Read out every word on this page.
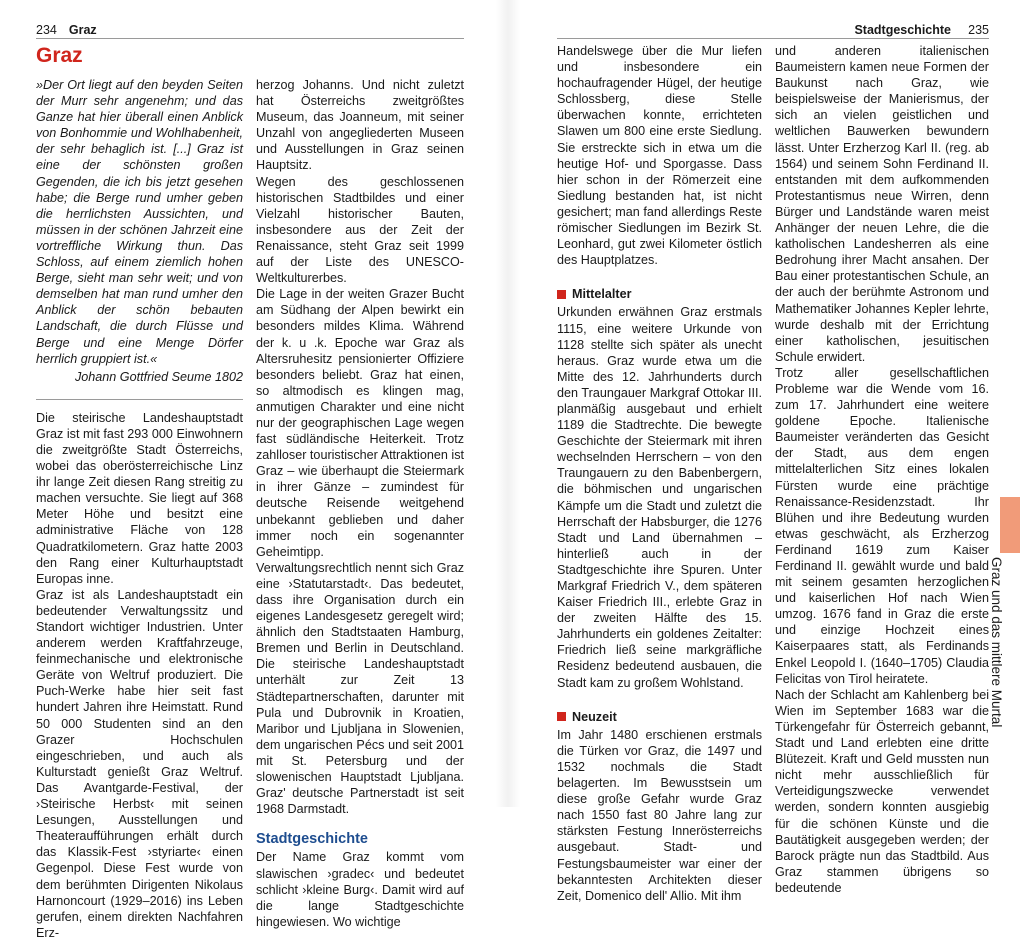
234 Graz
Graz

»Der Ort liegt auf den beyden Seiten der Murr sehr angenehm; und das Ganze hat hier überall einen Anblick von Bonhommie und Wohlhabenheit, der sehr behaglich ist. [...] Graz ist eine der schönsten großen Gegenden, die ich bis jetzt gesehen habe; die Berge rund umher geben die herrlichsten Aussichten, und müssen in der schönen Jahrzeit eine vortreffliche Wirkung thun. Das Schloss, auf einem ziemlich hohen Berge, sieht man sehr weit; und von demselben hat man rund umher den Anblick der schön bebauten Landschaft, die durch Flüsse und Berge und eine Menge Dörfer herrlich gruppiert ist.«

Johann Gottfried Seume 1802

Die steirische Landeshauptstadt Graz ist mit fast 293 000 Einwohnern die zweitgrößte Stadt Österreichs, wobei das oberösterreichische Linz ihr lange Zeit diesen Rang streitig zu machen versuchte. Sie liegt auf 368 Meter Höhe und besitzt eine administrative Fläche von 128 Quadratkilometern. Graz hatte 2003 den Rang einer Kulturhauptstadt Europas inne.

Graz ist als Landeshauptstadt ein bedeutender Verwaltungssitz und Standort wichtiger Industrien. Unter anderem werden Kraftfahrzeuge, feinmechanische und elektronische Geräte von Weltruf produziert. Die Puch-Werke habe hier seit fast hundert Jahren ihre Heimstatt. Rund 50 000 Studenten sind an den Grazer Hochschulen eingeschrieben, und auch als Kulturstadt genießt Graz Weltruf. Das Avantgarde-Festival, der ›Steirische Herbst‹ mit seinen Lesungen, Ausstellungen und Theateraufführungen erhält durch das Klassik-Fest ›styriarte‹ einen Gegenpol. Diese Fest wurde von dem berühmten Dirigenten Nikolaus Harnoncourt (1929–2016) ins Leben gerufen, einem direkten Nachfahren Erz-

herzog Johanns. Und nicht zuletzt hat Österreichs zweitgrößtes Museum, das Joanneum, mit seiner Unzahl von angegliederten Museen und Ausstellungen in Graz seinen Hauptsitz.

Wegen des geschlossenen historischen Stadtbildes und einer Vielzahl historischer Bauten, insbesondere aus der Zeit der Renaissance, steht Graz seit 1999 auf der Liste des UNESCO-Weltkulturerbes.

Die Lage in der weiten Grazer Bucht am Südhang der Alpen bewirkt ein besonders mildes Klima. Während der k. u .k. Epoche war Graz als Altersruhesitz pensionierter Offiziere besonders beliebt. Graz hat einen, so altmodisch es klingen mag, anmutigen Charakter und eine nicht nur der geographischen Lage wegen fast südländische Heiterkeit. Trotz zahlloser touristischer Attraktionen ist Graz – wie überhaupt die Steiermark in ihrer Gänze – zumindest für deutsche Reisende weitgehend unbekannt geblieben und daher immer noch ein sogenannter Geheimtipp.

Verwaltungsrechtlich nennt sich Graz eine ›Statutarstadt‹. Das bedeutet, dass ihre Organisation durch ein eigenes Landesgesetz geregelt wird; ähnlich den Stadtstaaten Hamburg, Bremen und Berlin in Deutschland. Die steirische Landeshauptstadt unterhält zur Zeit 13 Städtepartnerschaften, darunter mit Pula und Dubrovnik in Kroatien, Maribor und Ljubljana in Slowenien, dem ungarischen Pécs und seit 2001 mit St. Petersburg und der slowenischen Hauptstadt Ljubljana. Graz' deutsche Partnerstadt ist seit 1968 Darmstadt.

Stadtgeschichte

Der Name Graz kommt vom slawischen ›gradec‹ und bedeutet schlicht ›kleine Burg‹. Damit wird auf die lange Stadtgeschichte hingewiesen. Wo wichtige

Stadtgeschichte 235

Handelswege über die Mur liefen und insbesondere ein hochaufragender Hügel, der heutige Schlossberg, diese Stelle überwachen konnte, errichteten Slawen um 800 eine erste Siedlung. Sie erstreckte sich in etwa um die heutige Hof- und Sporgasse. Dass hier schon in der Römerzeit eine Siedlung bestanden hat, ist nicht gesichert; man fand allerdings Reste römischer Siedlungen im Bezirk St. Leonhard, gut zwei Kilometer östlich des Hauptplatzes.

Mittelalter

Urkunden erwähnen Graz erstmals 1115, eine weitere Urkunde von 1128 stellte sich später als unecht heraus. Graz wurde etwa um die Mitte des 12. Jahrhunderts durch den Traungauer Markgraf Ottokar III. planmäßig ausgebaut und erhielt 1189 die Stadtrechte. Die bewegte Geschichte der Steiermark mit ihren wechselnden Herrschern – von den Traungauern zu den Babenbergern, die böhmischen und ungarischen Kämpfe um die Stadt und zuletzt die Herrschaft der Habsburger, die 1276 Stadt und Land übernahmen – hinterließ auch in der Stadtgeschichte ihre Spuren. Unter Markgraf Friedrich V., dem späteren Kaiser Friedrich III., erlebte Graz in der zweiten Hälfte des 15. Jahrhunderts ein goldenes Zeitalter: Friedrich ließ seine markgräfliche Residenz bedeutend ausbauen, die Stadt kam zu großem Wohlstand.

Neuzeit

Im Jahr 1480 erschienen erstmals die Türken vor Graz, die 1497 und 1532 nochmals die Stadt belagerten. Im Bewusstsein um diese große Gefahr wurde Graz nach 1550 fast 80 Jahre lang zur stärksten Festung Innerösterreichs ausgebaut. Stadt- und Festungsbaumeister war einer der bekanntesten Architekten dieser Zeit, Domenico dell' Allio. Mit ihm

und anderen italienischen Baumeistern kamen neue Formen der Baukunst nach Graz, wie beispielsweise der Manierismus, der sich an vielen geistlichen und weltlichen Bauwerken bewundern lässt. Unter Erzherzog Karl II. (reg. ab 1564) und seinem Sohn Ferdinand II. entstanden mit dem aufkommenden Protestantismus neue Wirren, denn Bürger und Landstände waren meist Anhänger der neuen Lehre, die die katholischen Landesherren als eine Bedrohung ihrer Macht ansahen. Der Bau einer protestantischen Schule, an der auch der berühmte Astronom und Mathematiker Johannes Kepler lehrte, wurde deshalb mit der Errichtung einer katholischen, jesuitischen Schule erwidert.

Trotz aller gesellschaftlichen Probleme war die Wende vom 16. zum 17. Jahrhundert eine weitere goldene Epoche. Italienische Baumeister veränderten das Gesicht der Stadt, aus dem engen mittelalterlichen Sitz eines lokalen Fürsten wurde eine prächtige Renaissance-Residenzstadt. Ihr Blühen und ihre Bedeutung wurden etwas geschwächt, als Erzherzog Ferdinand 1619 zum Kaiser Ferdinand II. gewählt wurde und bald mit seinem gesamten herzoglichen und kaiserlichen Hof nach Wien umzog. 1676 fand in Graz die erste und einzige Hochzeit eines Kaiserpaares statt, als Ferdinands Enkel Leopold I. (1640–1705) Claudia Felicitas von Tirol heiratete.

Nach der Schlacht am Kahlenberg bei Wien im September 1683 war die Türkengefahr für Österreich gebannt, Stadt und Land erlebten eine dritte Blütezeit. Kraft und Geld mussten nun nicht mehr ausschließlich für Verteidigungszwecke verwendet werden, sondern konnten ausgiebig für die schönen Künste und die Bautätigkeit ausgegeben werden; der Barock prägte nun das Stadtbild. Aus Graz stammen übrigens so bedeutende

Graz und das mittlere Murtal
